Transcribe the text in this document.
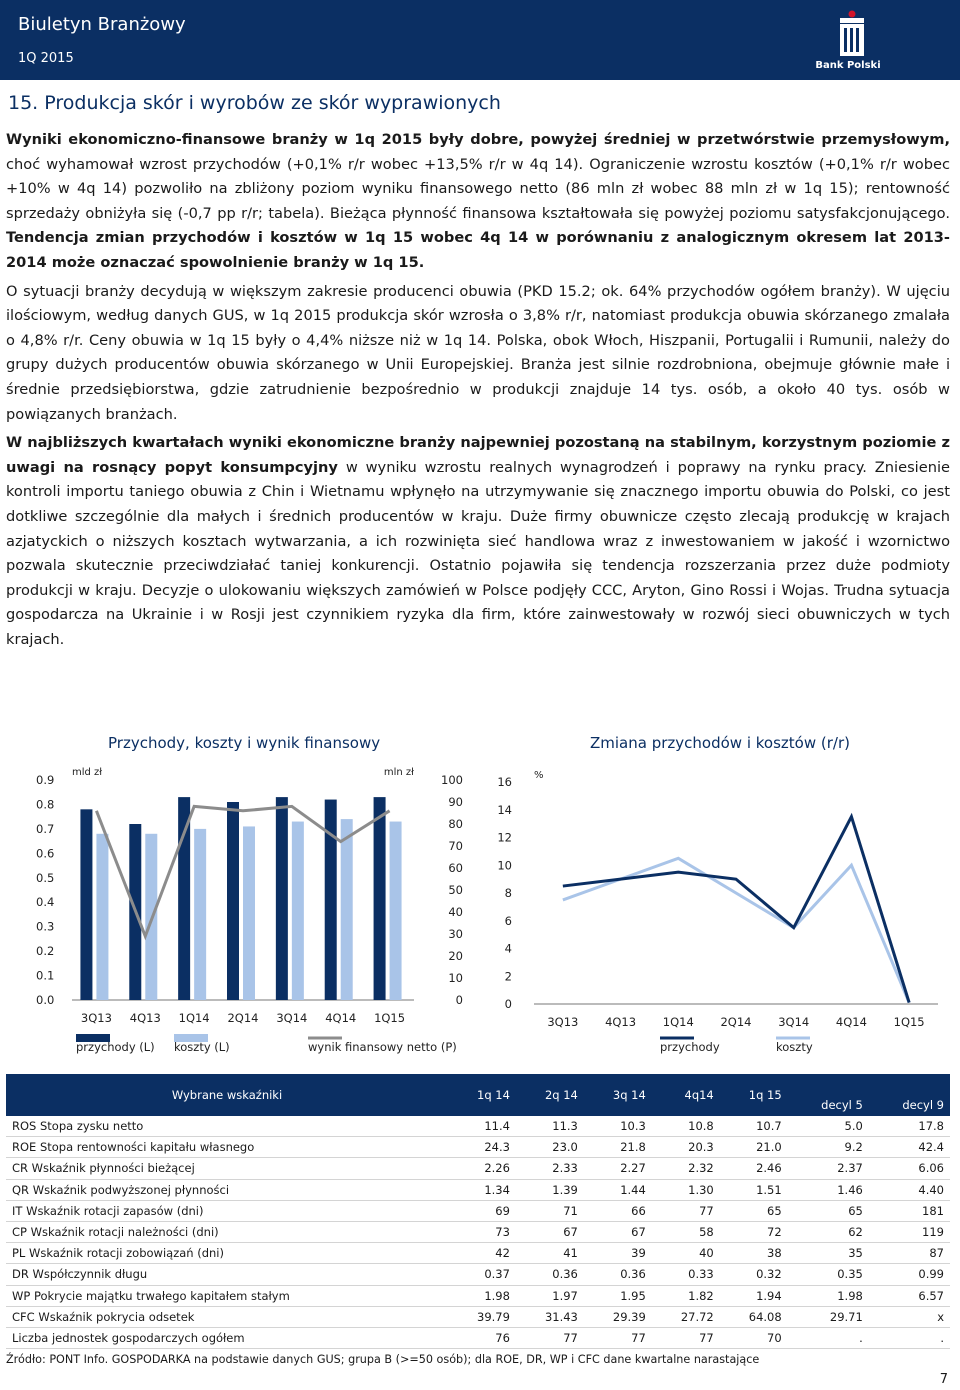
Biuletyn Branżowy
1Q 2015	Bank Polski
15. Produkcja skór i wyrobów ze skór wyprawionych

Wyniki ekonomiczno-finansowe branży w 1q 2015 były dobre, powyżej średniej w przetwórstwie przemysłowym, choć wyhamował wzrost przychodów (+0,1% r/r wobec +13,5% r/r w 4q 14). Ograniczenie wzrostu kosztów (+0,1% r/r wobec +10% w 4q 14) pozwoliło na zbliżony poziom wyniku finansowego netto (86 mln zł wobec 88 mln zł w 1q 15); rentowność sprzedaży obniżyła się (-0,7 pp r/r; tabela). Bieżąca płynność finansowa kształtowała się powyżej poziomu satysfakcjonującego. Tendencja zmian przychodów i kosztów w 1q 15 wobec 4q 14 w porównaniu z analogicznym okresem lat 2013-2014 może oznaczać spowolnienie branży w 1q 15.

O sytuacji branży decydują w większym zakresie producenci obuwia (PKD 15.2; ok. 64% przychodów ogółem branży). W ujęciu ilościowym, według danych GUS, w 1q 2015 produkcja skór wzrosła o 3,8% r/r, natomiast produkcja obuwia skórzanego zmalała o 4,8% r/r. Ceny obuwia w 1q 15 były o 4,4% niższe niż w 1q 14. Polska, obok Włoch, Hiszpanii, Portugalii i Rumunii, należy do grupy dużych producentów obuwia skórzanego w Unii Europejskiej. Branża jest silnie rozdrobniona, obejmuje głównie małe i średnie przedsiębiorstwa, gdzie zatrudnienie bezpośrednio w produkcji znajduje 14 tys. osób, a około 40 tys. osób w powiązanych branżach.

W najbliższych kwartałach wyniki ekonomiczne branży najpewniej pozostaną na stabilnym, korzystnym poziomie z uwagi na rosnący popyt konsumpcyjny w wyniku wzrostu realnych wynagrodzeń i poprawy na rynku pracy. Zniesienie kontroli importu taniego obuwia z Chin i Wietnamu wpłynęło na utrzymywanie się znacznego importu obuwia do Polski, co jest dotkliwe szczególnie dla małych i średnich producentów w kraju. Duże firmy obuwnicze często zlecają produkcję w krajach azjatyckich o niższych kosztach wytwarzania, a ich rozwinięta sieć handlowa wraz z inwestowaniem w jakość i wzornictwo pozwala skutecznie przeciwdziałać taniej konkurencji. Ostatnio pojawiła się tendencja rozszerzania przez duże podmioty produkcji w kraju. Decyzje o ulokowaniu większych zamówień w Polsce podjęły CCC, Aryton, Gino Rossi i Wojas. Trudna sytuacja gospodarcza na Ukrainie i w Rosji jest czynnikiem ryzyka dla firm, które zainwestowały w rozwój sieci obuwniczych w tych krajach.

Przychody, koszty i wynik finansowy
mld zł	mln zł
0.0
0.1
0.2
0.3
0.4
0.5
0.6
0.7
0.8
0.9
0
10
20
30
40
50
60
70
80
90
100
3Q13 4Q13 1Q14 2Q14 3Q14 4Q14 1Q15
przychody (L) koszty (L)	wynik finansowy netto (P)
Zmiana przychodów i kosztów (r/r)
%
0
2
4
6
8
10
12
14
16
3Q13 4Q13 1Q14 2Q14 3Q14 4Q14 1Q15
przychody	koszty
Wybrane wskaźniki	1q 14	2q 14	3q 14	4q14	1q 15	decyl 5	decyl 9
ROS Stopa zysku netto	11.4	11.3	10.3	10.8	10.7	5.0	17.8
ROE Stopa rentowności kapitału własnego	24.3	23.0	21.8	20.3	21.0	9.2	42.4
CR Wskaźnik płynności bieżącej	2.26	2.33	2.27	2.32	2.46	2.37	6.06
QR Wskaźnik podwyższonej płynności	1.34	1.39	1.44	1.30	1.51	1.46	4.40
IT Wskaźnik rotacji zapasów (dni)	69	71	66	77	65	65	181
CP Wskaźnik rotacji należności (dni)	73	67	67	58	72	62	119
PL Wskaźnik rotacji zobowiązań (dni)	42	41	39	40	38	35	87
DR Współczynnik długu	0.37	0.36	0.36	0.33	0.32	0.35	0.99
WP Pokrycie majątku trwałego kapitałem stałym	1.98	1.97	1.95	1.82	1.94	1.98	6.57
CFC Wskaźnik pokrycia odsetek	39.79	31.43	29.39	27.72	64.08	29.71	x
Liczba jednostek gospodarczych ogółem	76	77	77	77	70	.	.
Źródło: PONT Info. GOSPODARKA na podstawie danych GUS; grupa B (>=50 osób); dla ROE, DR, WP i CFC dane kwartalne narastające
7
